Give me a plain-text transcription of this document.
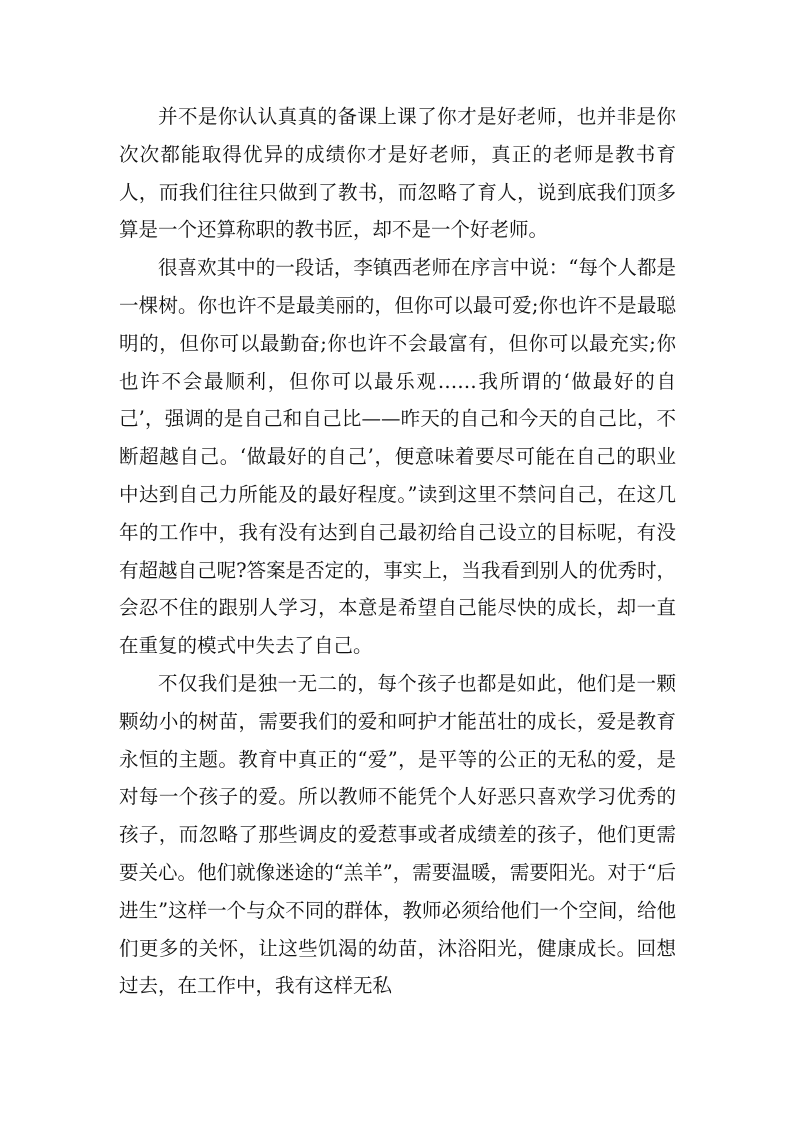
并不是你认认真真的备课上课了你才是好老师，也并非是你次次都能取得优异的成绩你才是好老师，真正的老师是教书育人，而我们往往只做到了教书，而忽略了育人，说到底我们顶多算是一个还算称职的教书匠，却不是一个好老师。

很喜欢其中的一段话，李镇西老师在序言中说：“每个人都是一棵树。你也许不是最美丽的，但你可以最可爱;你也许不是最聪明的，但你可以最勤奋;你也许不会最富有，但你可以最充实;你也许不会最顺利，但你可以最乐观……我所谓的‘做最好的自己’，强调的是自己和自己比——昨天的自己和今天的自己比，不断超越自己。‘做最好的自己’，便意味着要尽可能在自己的职业中达到自己力所能及的最好程度。”读到这里不禁问自己，在这几年的工作中，我有没有达到自己最初给自己设立的目标呢，有没有超越自己呢?答案是否定的，事实上，当我看到别人的优秀时，会忍不住的跟别人学习，本意是希望自己能尽快的成长，却一直在重复的模式中失去了自己。

不仅我们是独一无二的，每个孩子也都是如此，他们是一颗颗幼小的树苗，需要我们的爱和呵护才能茁壮的成长，爱是教育永恒的主题。教育中真正的“爱”，是平等的公正的无私的爱，是对每一个孩子的爱。所以教师不能凭个人好恶只喜欢学习优秀的孩子，而忽略了那些调皮的爱惹事或者成绩差的孩子，他们更需要关心。他们就像迷途的“羔羊”，需要温暖，需要阳光。对于“后进生”这样一个与众不同的群体，教师必须给他们一个空间，给他们更多的关怀，让这些饥渴的幼苗，沐浴阳光，健康成长。回想过去，在工作中，我有这样无私
